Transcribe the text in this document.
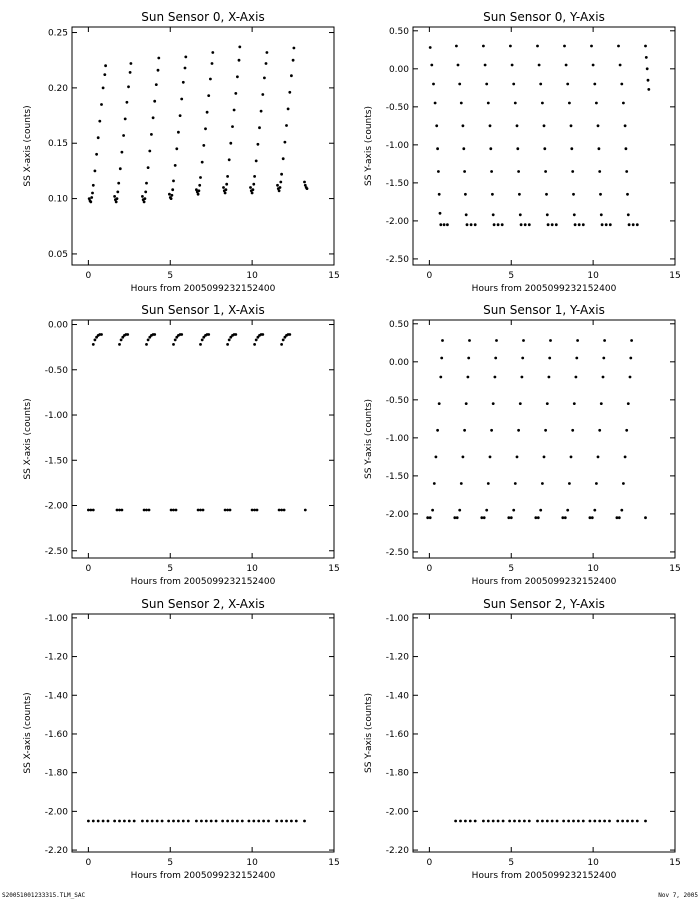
Sun Sensor 0, X-Axis
0	5	10	15
0.05
0.10
0.15
0.20
0.25
Hours from 2005099232152400
SS X-axis (counts)
Sun Sensor 0, Y-Axis
0	5	10	15
-2.50
-2.00
-1.50
-1.00
-0.50
0.00
0.50
Hours from 2005099232152400
SS Y-axis (counts)
Sun Sensor 1, X-Axis
0	5	10	15
-2.50
-2.00
-1.50
-1.00
-0.50
0.00
Hours from 2005099232152400
SS X-axis (counts)
Sun Sensor 1, Y-Axis
0	5	10	15
-2.50
-2.00
-1.50
-1.00
-0.50
0.00
0.50
Hours from 2005099232152400
SS Y-axis (counts)
Sun Sensor 2, X-Axis
0	5	10	15
-2.20
-2.00
-1.80
-1.60
-1.40
-1.20
-1.00
Hours from 2005099232152400
SS X-axis (counts)
Sun Sensor 2, Y-Axis
0	5	10	15
-2.20
-2.00
-1.80
-1.60
-1.40
-1.20
-1.00
Hours from 2005099232152400
SS Y-axis (counts)
S20051001233315.TLM_SAC	Nov 7, 2005
